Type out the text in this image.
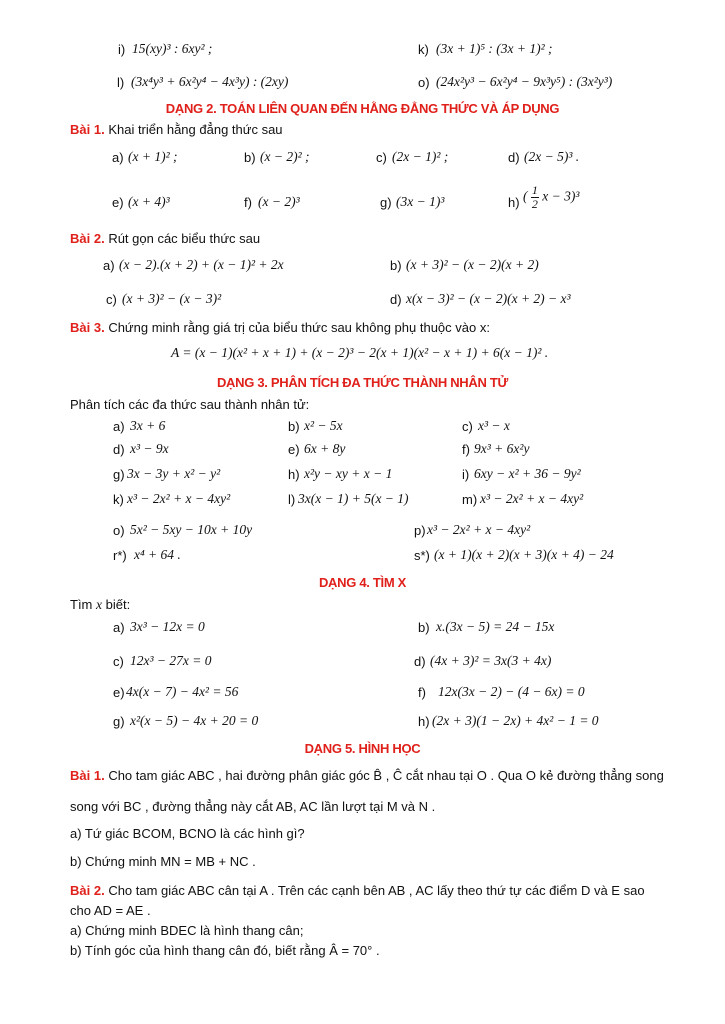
i) 15(xy)³ : 6xy² ;	k) (3x + 1)⁵ : (3x + 1)² ;
l) (3x⁴y³ + 6x²y⁴ − 4x³y) : (2xy)	o) (24x²y³ − 6x²y⁴ − 9x³y⁵) : (3x²y³)
DẠNG 2. TOÁN LIÊN QUAN ĐẾN HẰNG ĐẲNG THỨC VÀ ÁP DỤNG
Bài 1. Khai triển hằng đẳng thức sau
a) (x + 1)² ;	b) (x − 2)² ;	c) (2x − 1)² ;	d) (2x − 5)³ .
e) (x + 4)³	f) (x − 2)³	g) (3x − 1)³	h) ( $\frac{1}{2}$ x − 3)³
Bài 2. Rút gọn các biểu thức sau
a) (x − 2).(x + 2) + (x − 1)² + 2x	b) (x + 3)² − (x − 2)(x + 2)
c) (x + 3)² − (x − 3)²	d) x(x − 3)² − (x − 2)(x + 2) − x³
Bài 3. Chứng minh rằng giá trị của biểu thức sau không phụ thuộc vào x:
A = (x − 1)(x² + x + 1) + (x − 2)³ − 2(x + 1)(x² − x + 1) + 6(x − 1)² .
DẠNG 3. PHÂN TÍCH ĐA THỨC THÀNH NHÂN TỬ
Phân tích các đa thức sau thành nhân tử:
a) 3x + 6	b) x² − 5x	c) x³ − x
d) x³ − 9x	e) 6x + 8y	f) 9x³ + 6x²y
g) 3x − 3y + x² − y²	h) x²y − xy + x − 1	i) 6xy − x² + 36 − 9y²
k) x³ − 2x² + x − 4xy²	l) 3x(x − 1) + 5(x − 1)	m) x³ − 2x² + x − 4xy²
o) 5x² − 5xy − 10x + 10y	p) x³ − 2x² + x − 4xy²
r*) x⁴ + 64 .	s*) (x + 1)(x + 2)(x + 3)(x + 4) − 24
DẠNG 4. TÌM X
Tìm x biết:
a) 3x³ − 12x = 0	b) x.(3x − 5) = 24 − 15x
c) 12x³ − 27x = 0	d) (4x + 3)² = 3x(3 + 4x)
e) 4x(x − 7) − 4x² = 56	f) 12x(3x − 2) − (4 − 6x) = 0
g) x²(x − 5) − 4x + 20 = 0	h) (2x + 3)(1 − 2x) + 4x² − 1 = 0
DẠNG 5. HÌNH HỌC
Bài 1. Cho tam giác ABC , hai đường phân giác góc B̂ , Ĉ cắt nhau tại O . Qua O kẻ đường thẳng song
song với BC , đường thẳng này cắt AB, AC lần lượt tại M và N .
a) Tứ giác BCOM, BCNO là các hình gì?
b) Chứng minh MN = MB + NC .
Bài 2. Cho tam giác ABC cân tại A . Trên các cạnh bên AB , AC lấy theo thứ tự các điểm D và E sao
cho AD = AE .
a) Chứng minh BDEC là hình thang cân;
b) Tính góc của hình thang cân đó, biết rằng Â = 70° .
